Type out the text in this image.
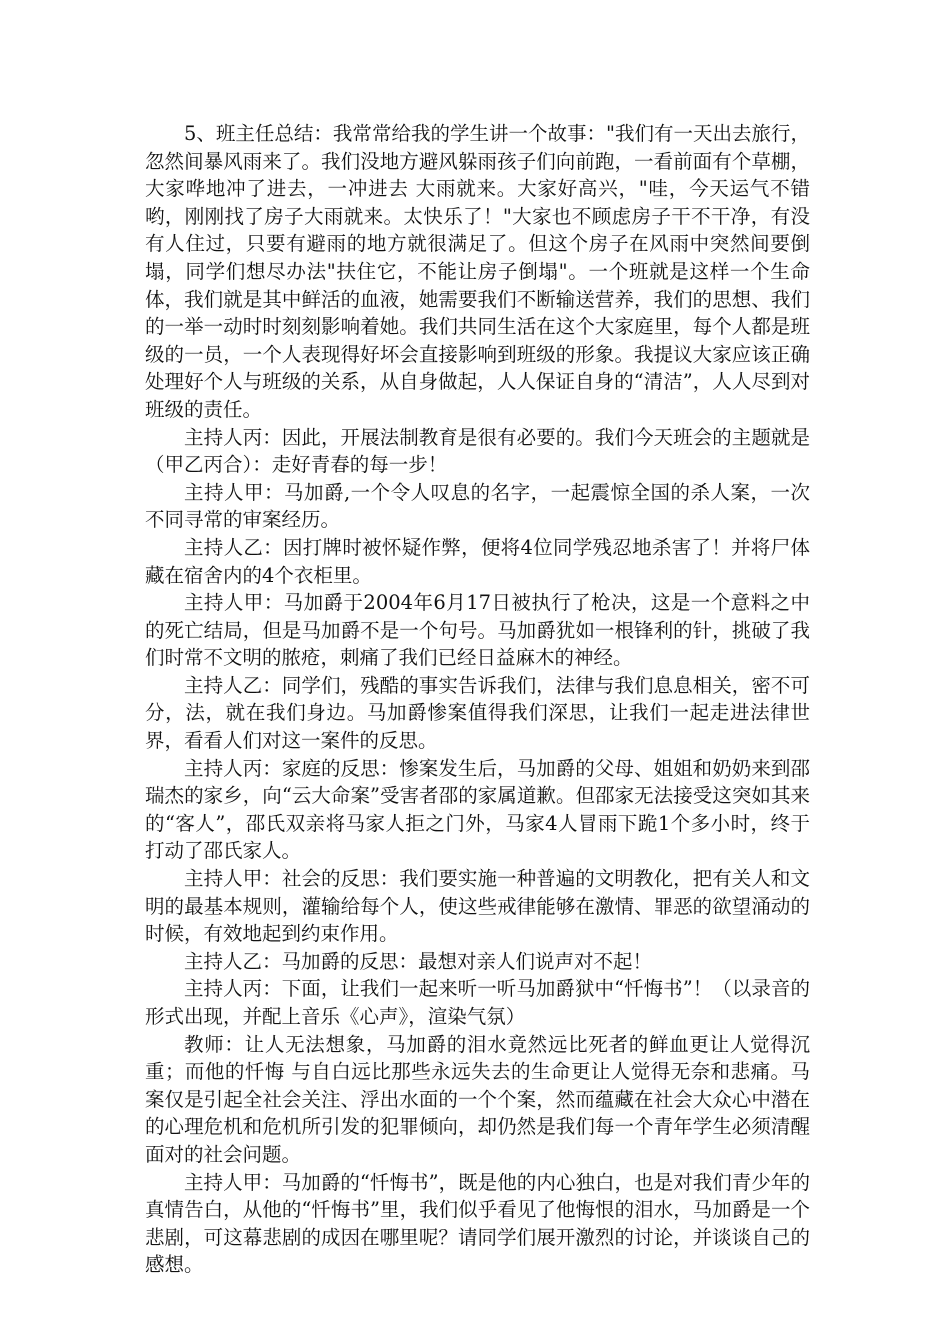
5、班主任总结：我常常给我的学生讲一个故事："我们有一天出去旅行，忽然间暴风雨来了。我们没地方避风躲雨孩子们向前跑，一看前面有个草棚，大家哗地冲了进去，一冲进去 大雨就来。大家好高兴，"哇，今天运气不错哟，刚刚找了房子大雨就来。太快乐了！"大家也不顾虑房子干不干净，有没有人住过，只要有避雨的地方就很满足了。但这个房子在风雨中突然间要倒塌，同学们想尽办法"扶住它，不能让房子倒塌"。一个班就是这样一个生命体，我们就是其中鲜活的血液，她需要我们不断输送营养，我们的思想、我们的一举一动时时刻刻影响着她。我们共同生活在这个大家庭里，每个人都是班级的一员，一个人表现得好坏会直接影响到班级的形象。我提议大家应该正确处理好个人与班级的关系，从自身做起，人人保证自身的“清洁”，人人尽到对班级的责任。

主持人丙：因此，开展法制教育是很有必要的。我们今天班会的主题就是（甲乙丙合）：走好青春的每一步！

主持人甲：马加爵,一个令人叹息的名字，一起震惊全国的杀人案，一次不同寻常的审案经历。

主持人乙：因打牌时被怀疑作弊，便将4位同学残忍地杀害了！并将尸体藏在宿舍内的4个衣柜里。

主持人甲：马加爵于2004年6月17日被执行了枪决，这是一个意料之中的死亡结局，但是马加爵不是一个句号。马加爵犹如一根锋利的针，挑破了我们时常不文明的脓疮，刺痛了我们已经日益麻木的神经。

主持人乙：同学们，残酷的事实告诉我们，法律与我们息息相关，密不可分，法，就在我们身边。马加爵惨案值得我们深思，让我们一起走进法律世界，看看人们对这一案件的反思。

主持人丙：家庭的反思：惨案发生后，马加爵的父母、姐姐和奶奶来到邵瑞杰的家乡，向“云大命案”受害者邵的家属道歉。但邵家无法接受这突如其来的“客人”，邵氏双亲将马家人拒之门外，马家4人冒雨下跪1个多小时，终于打动了邵氏家人。

主持人甲：社会的反思：我们要实施一种普遍的文明教化，把有关人和文明的最基本规则，灌输给每个人，使这些戒律能够在激情、罪恶的欲望涌动的时候，有效地起到约束作用。

主持人乙：马加爵的反思：最想对亲人们说声对不起！

主持人丙：下面，让我们一起来听一听马加爵狱中“忏悔书”！（以录音的形式出现，并配上音乐《心声》，渲染气氛）

教师：让人无法想象，马加爵的泪水竟然远比死者的鲜血更让人觉得沉重；而他的忏悔 与自白远比那些永远失去的生命更让人觉得无奈和悲痛。马案仅是引起全社会关注、浮出水面的一个个案，然而蕴藏在社会大众心中潜在的心理危机和危机所引发的犯罪倾向，却仍然是我们每一个青年学生必须清醒面对的社会问题。

主持人甲：马加爵的“忏悔书”，既是他的内心独白，也是对我们青少年的真情告白，从他的“忏悔书”里，我们似乎看见了他悔恨的泪水，马加爵是一个悲剧，可这幕悲剧的成因在哪里呢？请同学们展开激烈的讨论，并谈谈自己的感想。
